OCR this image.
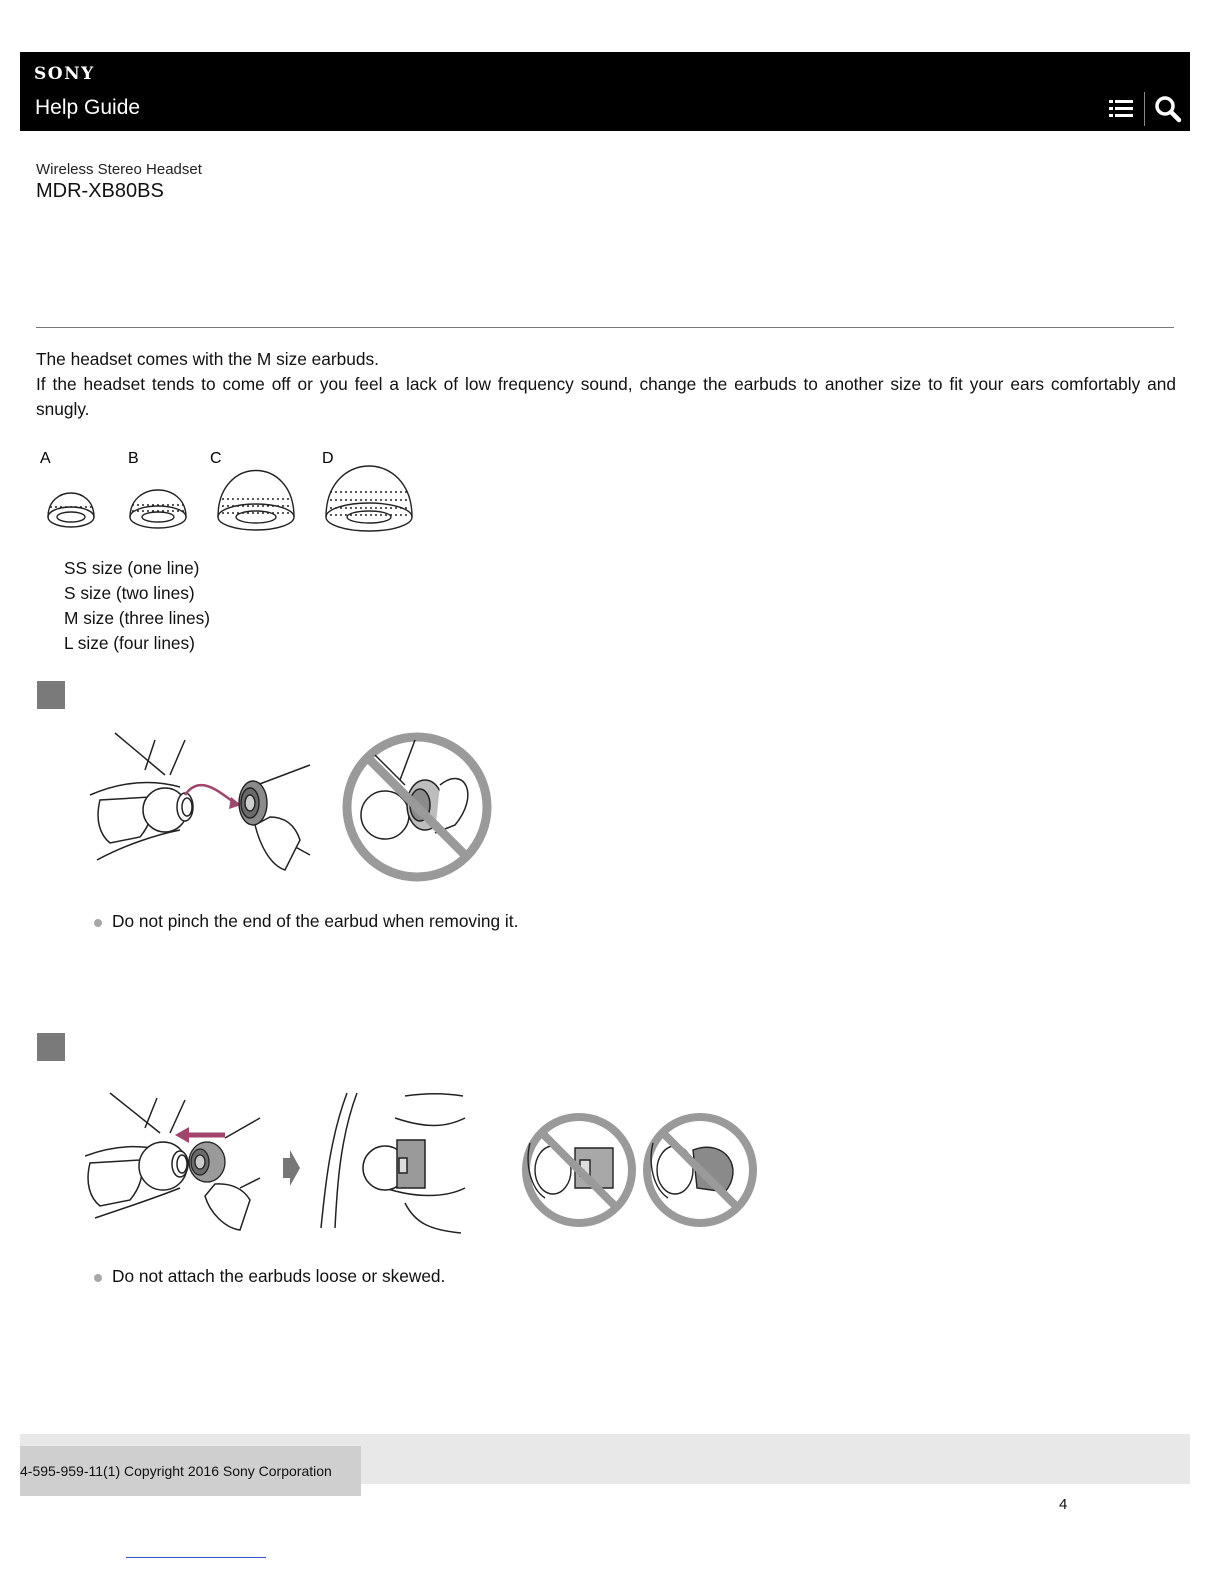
SONY
Help Guide
Wireless Stereo Headset
MDR-XB80BS

The headset comes with the M size earbuds.

If the headset tends to come off or you feel a lack of low frequency sound, change the earbuds to another size to fit your ears comfortably and snugly.

A	B	C	D
SS size (one line)
S size (two lines)
M size (three lines)
L size (four lines)
Do not pinch the end of the earbud when removing it.
Do not attach the earbuds loose or skewed.
4-595-959-11(1) Copyright 2016 Sony Corporation
4
